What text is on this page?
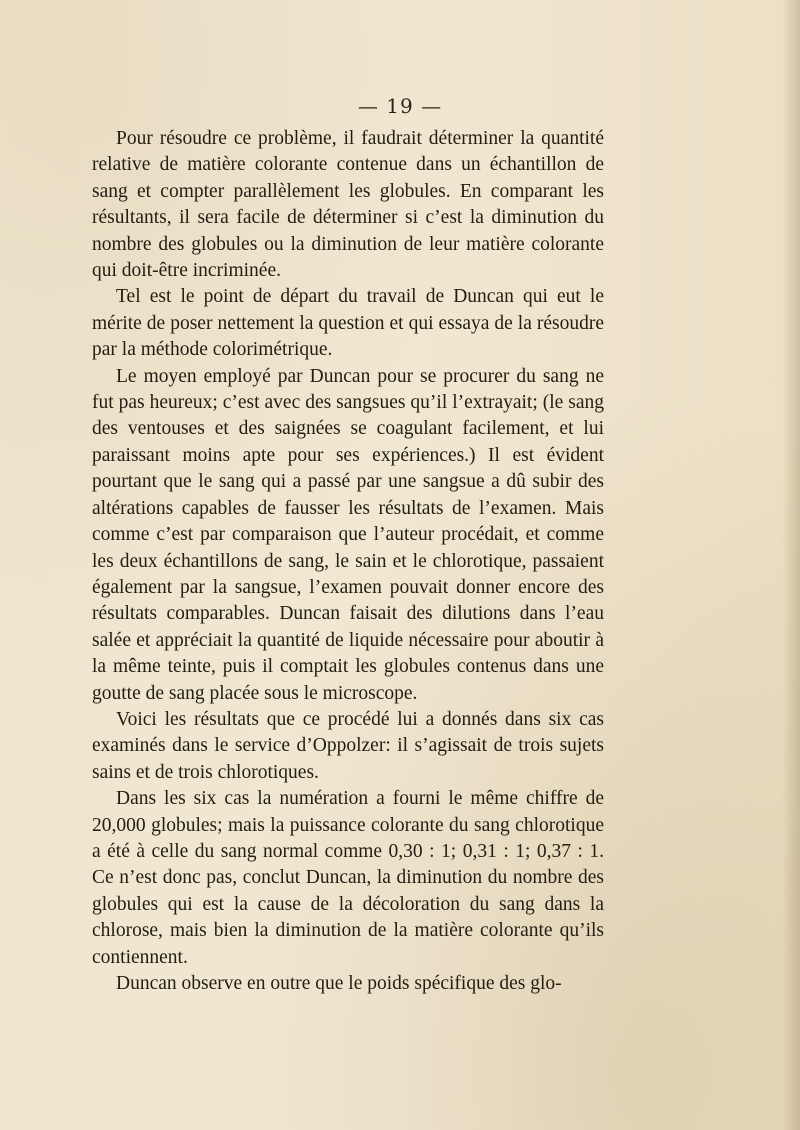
— 19 —

Pour résoudre ce problème, il faudrait déterminer la quantité relative de matière colorante contenue dans un échantillon de sang et compter parallèlement les globules. En comparant les résultants, il sera facile de déterminer si c’est la diminution du nombre des globules ou la diminution de leur matière colorante qui doit-être incriminée.

Tel est le point de départ du travail de Duncan qui eut le mérite de poser nettement la question et qui essaya de la résoudre par la méthode colorimétrique.

Le moyen employé par Duncan pour se procurer du sang ne fut pas heureux; c’est avec des sangsues qu’il l’extrayait; (le sang des ventouses et des saignées se coagulant facilement, et lui paraissant moins apte pour ses expériences.) Il est évident pourtant que le sang qui a passé par une sangsue a dû subir des altérations capables de fausser les résultats de l’examen. Mais comme c’est par comparaison que l’auteur procédait, et comme les deux échantillons de sang, le sain et le chlorotique, passaient également par la sangsue, l’examen pouvait donner encore des résultats comparables. Duncan faisait des dilutions dans l’eau salée et appréciait la quantité de liquide nécessaire pour aboutir à la même teinte, puis il comptait les globules contenus dans une goutte de sang placée sous le microscope.

Voici les résultats que ce procédé lui a donnés dans six cas examinés dans le service d’Oppolzer: il s’agissait de trois sujets sains et de trois chlorotiques.

Dans les six cas la numération a fourni le même chiffre de 20,000 globules; mais la puissance colorante du sang chlorotique a été à celle du sang normal comme 0,30 : 1; 0,31 : 1; 0,37 : 1. Ce n’est donc pas, conclut Duncan, la diminution du nombre des globules qui est la cause de la décoloration du sang dans la chlorose, mais bien la diminution de la matière colorante qu’ils contiennent.

Duncan observe en outre que le poids spécifique des glo-
